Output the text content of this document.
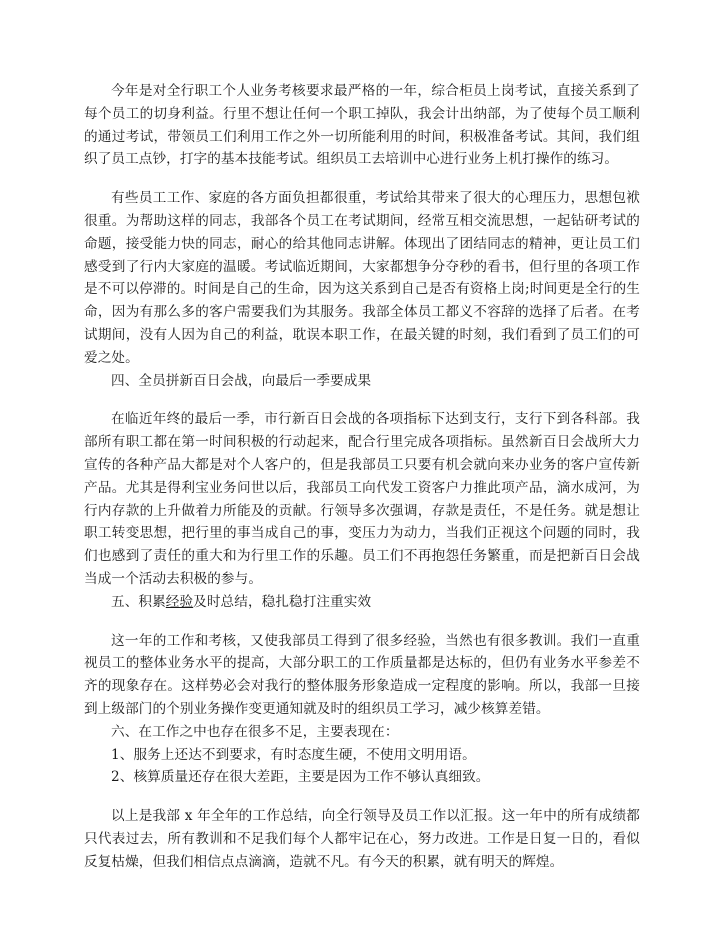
今年是对全行职工个人业务考核要求最严格的一年，综合柜员上岗考试，直接关系到了每个员工的切身利益。行里不想让任何一个职工掉队，我会计出纳部，为了使每个员工顺利的通过考试，带领员工们利用工作之外一切所能利用的时间，积极准备考试。其间，我们组织了员工点钞，打字的基本技能考试。组织员工去培训中心进行业务上机打操作的练习。

有些员工工作、家庭的各方面负担都很重，考试给其带来了很大的心理压力，思想包袱很重。为帮助这样的同志，我部各个员工在考试期间，经常互相交流思想，一起钻研考试的命题，接受能力快的同志，耐心的给其他同志讲解。体现出了团结同志的精神，更让员工们感受到了行内大家庭的温暖。考试临近期间，大家都想争分夺秒的看书，但行里的各项工作是不可以停滞的。时间是自己的生命，因为这关系到自己是否有资格上岗;时间更是全行的生命，因为有那么多的客户需要我们为其服务。我部全体员工都义不容辞的选择了后者。在考试期间，没有人因为自己的利益，耽误本职工作，在最关键的时刻，我们看到了员工们的可爱之处。

四、全员拼新百日会战，向最后一季要成果

在临近年终的最后一季，市行新百日会战的各项指标下达到支行，支行下到各科部。我部所有职工都在第一时间积极的行动起来，配合行里完成各项指标。虽然新百日会战所大力宣传的各种产品大都是对个人客户的，但是我部员工只要有机会就向来办业务的客户宣传新产品。尤其是得利宝业务问世以后，我部员工向代发工资客户力推此项产品，滴水成河，为行内存款的上升做着力所能及的贡献。行领导多次强调，存款是责任，不是任务。就是想让职工转变思想，把行里的事当成自己的事，变压力为动力，当我们正视这个问题的同时，我们也感到了责任的重大和为行里工作的乐趣。员工们不再抱怨任务繁重，而是把新百日会战当成一个活动去积极的参与。

五、积累经验及时总结，稳扎稳打注重实效

这一年的工作和考核，又使我部员工得到了很多经验，当然也有很多教训。我们一直重视员工的整体业务水平的提高，大部分职工的工作质量都是达标的，但仍有业务水平参差不齐的现象存在。这样势必会对我行的整体服务形象造成一定程度的影响。所以，我部一旦接到上级部门的个别业务操作变更通知就及时的组织员工学习，减少核算差错。

六、在工作之中也存在很多不足，主要表现在：

1、服务上还达不到要求，有时态度生硬，不使用文明用语。

2、核算质量还存在很大差距，主要是因为工作不够认真细致。

以上是我部 x 年全年的工作总结，向全行领导及员工作以汇报。这一年中的所有成绩都只代表过去，所有教训和不足我们每个人都牢记在心，努力改进。工作是日复一日的，看似反复枯燥，但我们相信点点滴滴，造就不凡。有今天的积累，就有明天的辉煌。
